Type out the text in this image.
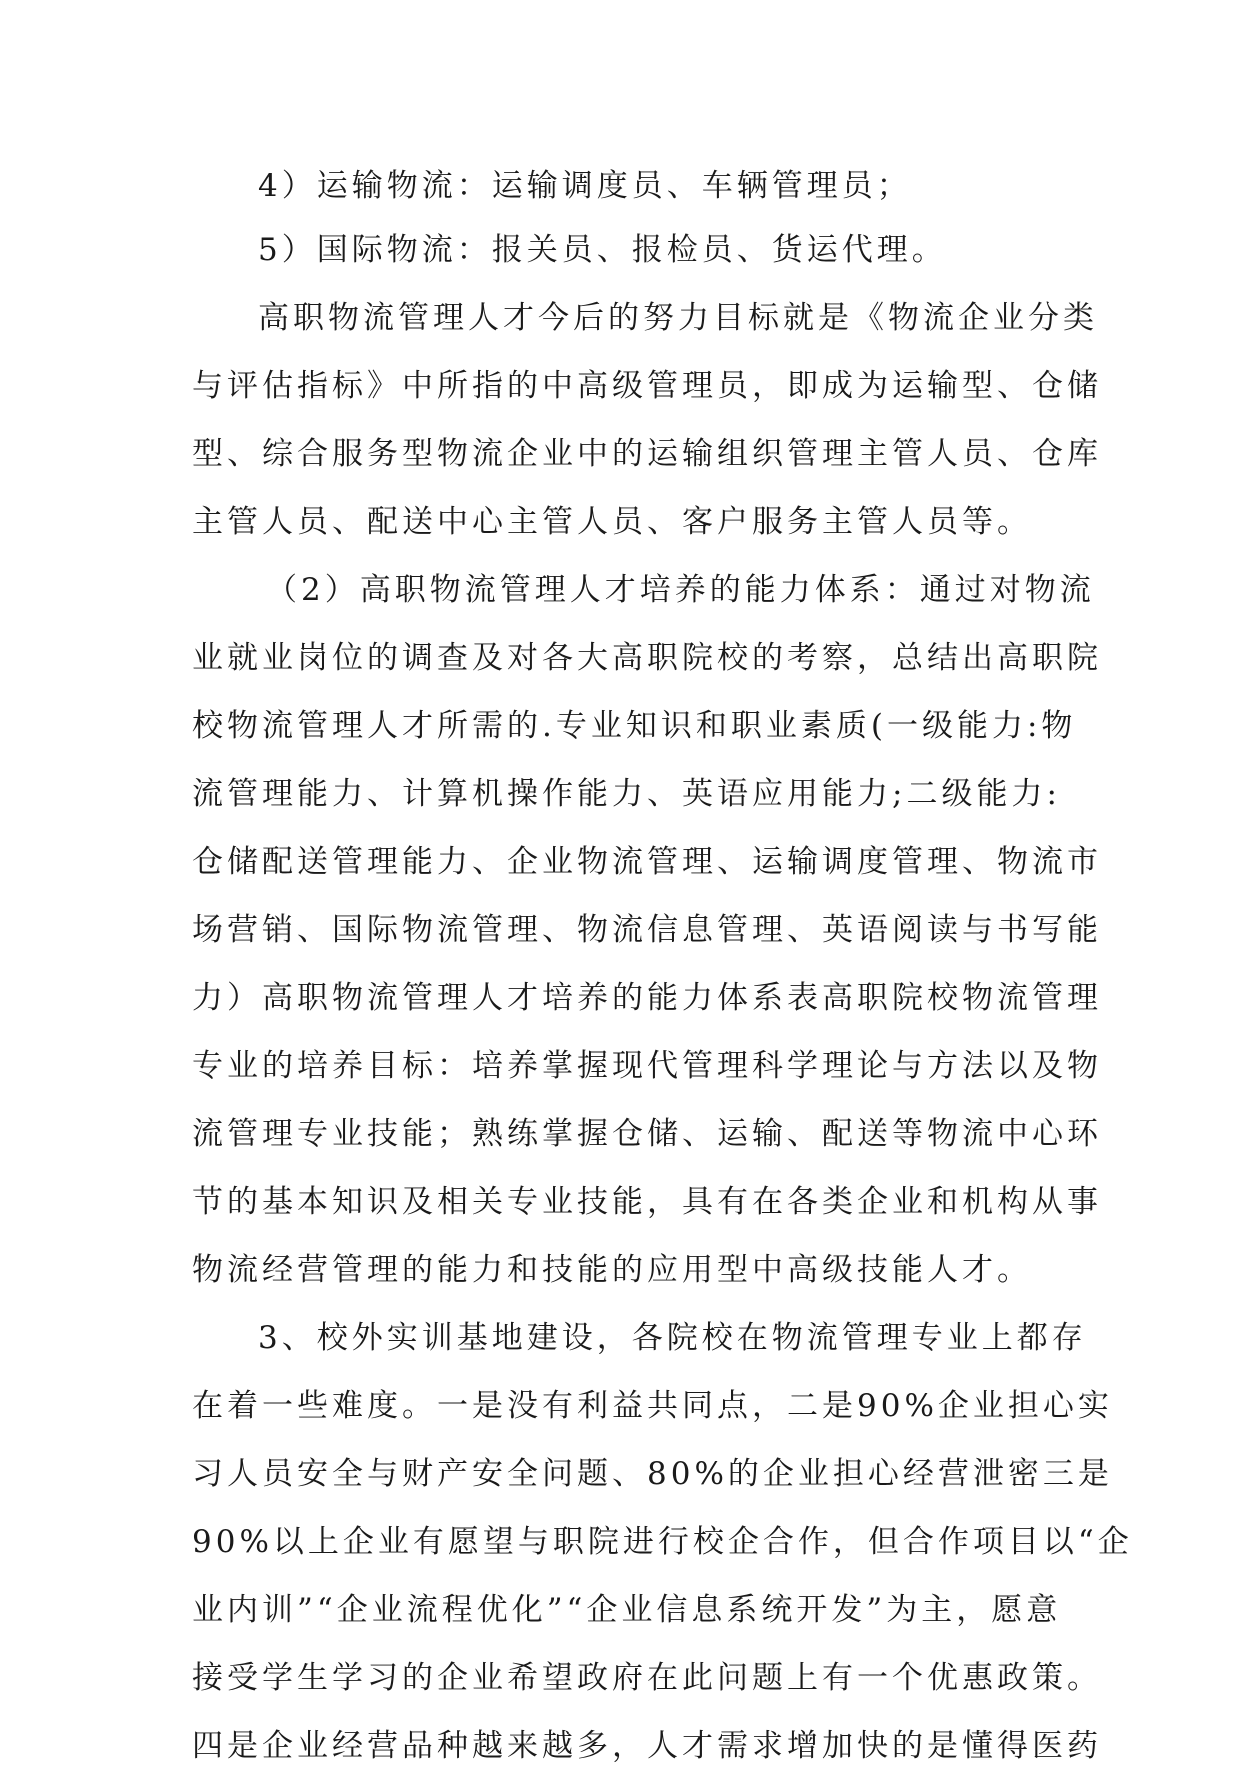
4）运输物流：运输调度员、车辆管理员；
5）国际物流：报关员、报检员、货运代理。
高职物流管理人才今后的努力目标就是《物流企业分类
与评估指标》中所指的中高级管理员，即成为运输型、仓储
型、综合服务型物流企业中的运输组织管理主管人员、仓库
主管人员、配送中心主管人员、客户服务主管人员等。
（2）高职物流管理人才培养的能力体系：通过对物流
业就业岗位的调查及对各大高职院校的考察，总结出高职院
校物流管理人才所需的.专业知识和职业素质(一级能力:物
流管理能力、计算机操作能力、英语应用能力;二级能力:
仓储配送管理能力、企业物流管理、运输调度管理、物流市
场营销、国际物流管理、物流信息管理、英语阅读与书写能
力）高职物流管理人才培养的能力体系表高职院校物流管理
专业的培养目标：培养掌握现代管理科学理论与方法以及物
流管理专业技能；熟练掌握仓储、运输、配送等物流中心环
节的基本知识及相关专业技能，具有在各类企业和机构从事
物流经营管理的能力和技能的应用型中高级技能人才。
3、校外实训基地建设，各院校在物流管理专业上都存
在着一些难度。一是没有利益共同点，二是90%企业担心实
习人员安全与财产安全问题、80%的企业担心经营泄密三是
90%以上企业有愿望与职院进行校企合作，但合作项目以“企
业内训”“企业流程优化”“企业信息系统开发”为主，愿意
接受学生学习的企业希望政府在此问题上有一个优惠政策。
四是企业经营品种越来越多，人才需求增加快的是懂得医药
